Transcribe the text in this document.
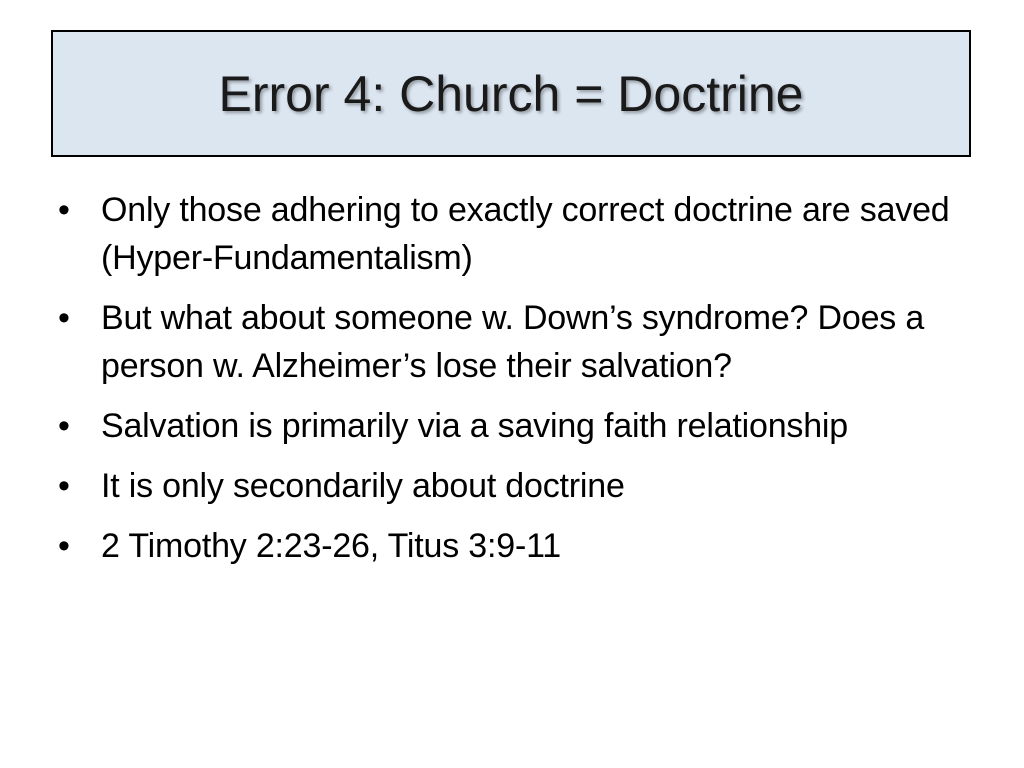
Error 4: Church = Doctrine
• Only those adhering to exactly correct doctrine are saved (Hyper-Fundamentalism)
• But what about someone w. Down’s syndrome? Does a person w. Alzheimer’s lose their salvation?
• Salvation is primarily via a saving faith relationship
• It is only secondarily about doctrine
• 2 Timothy 2:23-26, Titus 3:9-11
